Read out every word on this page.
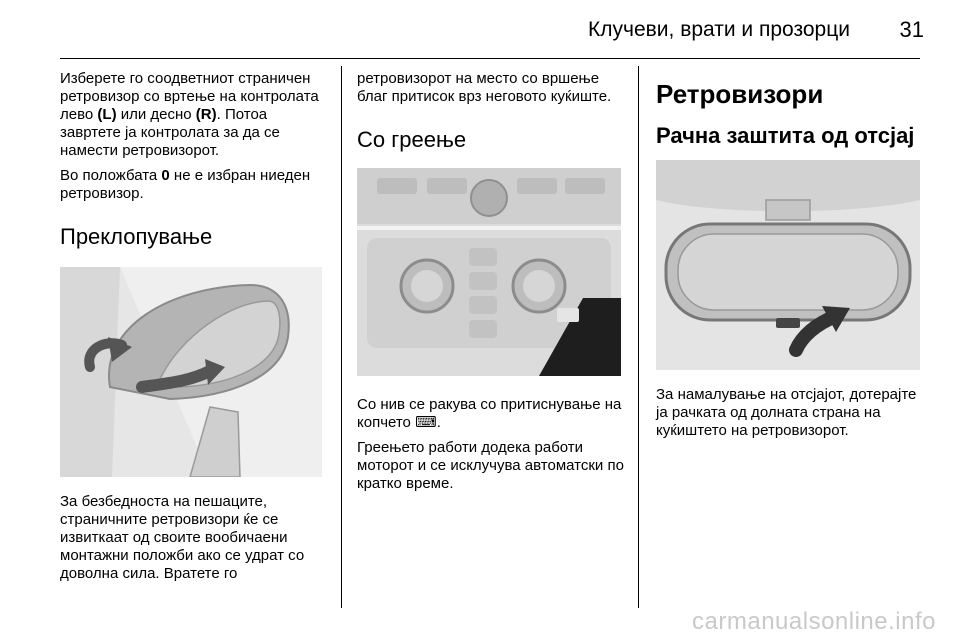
Клучеви, врати и прозорци 31

Изберете го соодветниот страничен ретровизор со вртење на контролата лево (L) или десно (R). Потоа завртете ја контролата за да се намести ретровизорот.

Во положбата 0 не е избран ниеден ретровизор.

Преклопување

За безбедноста на пешаците, страничните ретровизори ќе се извиткаат од своите вообичаени монтажни положби ако се удрат со доволна сила. Вратете го

ретровизорот на место со вршење благ притисок врз неговото куќиште.

Со греење

Со нив се ракува со притиснување на копчето ⌨.

Греењето работи додека работи моторот и се исклучува автоматски по кратко време.

Ретровизори
Рачна заштита од отсјај

За намалување на отсјајот, дотерајте ја рачката од долната страна на куќиштето на ретровизорот.

carmanualsonline.info
